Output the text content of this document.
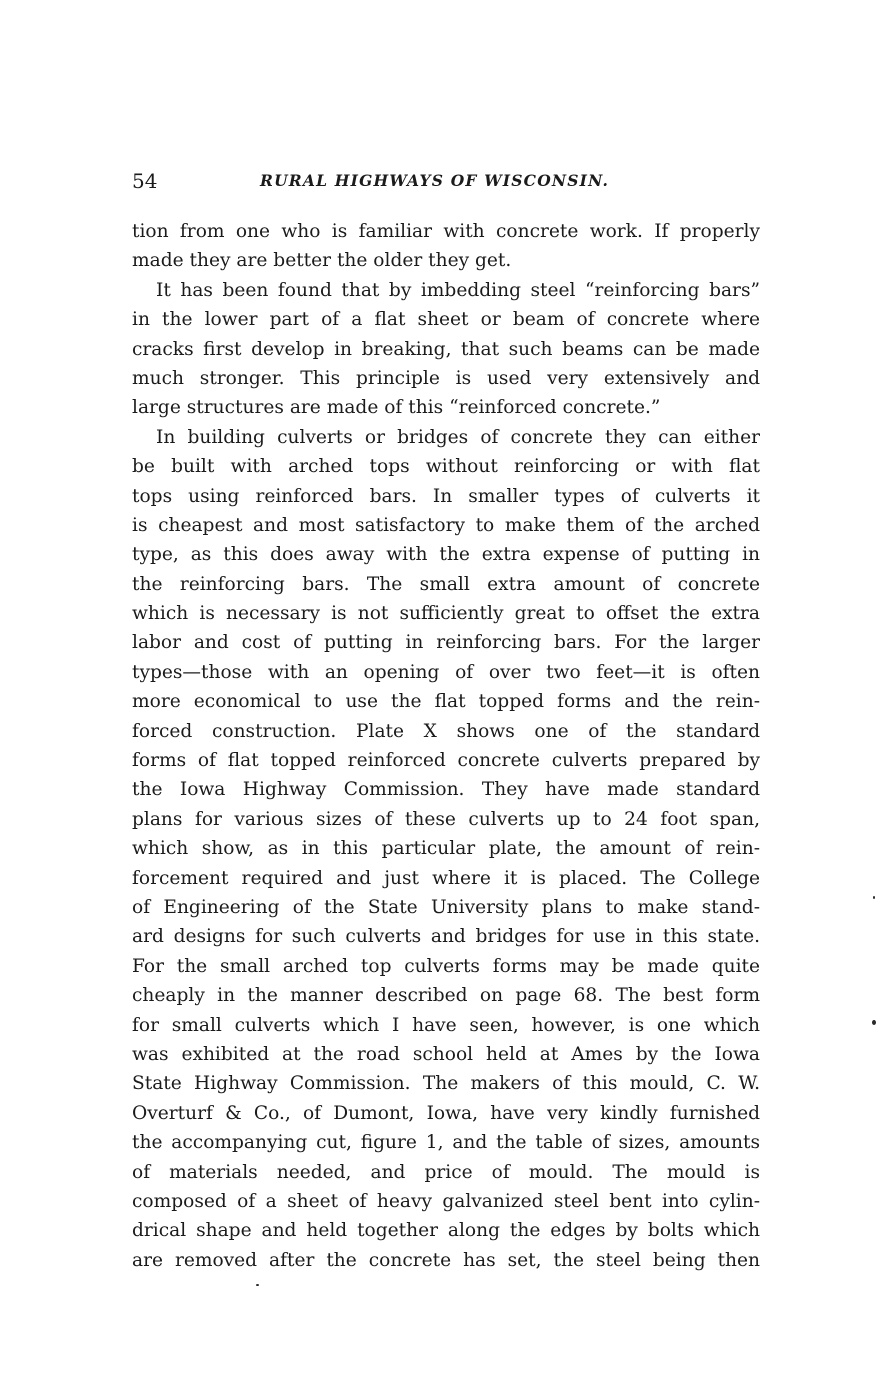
54	RURAL HIGHWAYS OF WISCONSIN.
tion from one who is familiar with concrete work. If properly
made they are better the older they get.
It has been found that by imbedding steel “reinforcing bars”
in the lower part of a flat sheet or beam of concrete where
cracks first develop in breaking, that such beams can be made
much stronger. This principle is used very extensively and
large structures are made of this “reinforced concrete.”
In building culverts or bridges of concrete they can either
be built with arched tops without reinforcing or with flat
tops using reinforced bars. In smaller types of culverts it
is cheapest and most satisfactory to make them of the arched
type, as this does away with the extra expense of putting in
the reinforcing bars. The small extra amount of concrete
which is necessary is not sufficiently great to offset the extra
labor and cost of putting in reinforcing bars. For the larger
types—those with an opening of over two feet—it is often
more economical to use the flat topped forms and the rein-
forced construction. Plate X shows one of the standard
forms of flat topped reinforced concrete culverts prepared by
the Iowa Highway Commission. They have made standard
plans for various sizes of these culverts up to 24 foot span,
which show, as in this particular plate, the amount of rein-
forcement required and just where it is placed. The College
of Engineering of the State University plans to make stand-
ard designs for such culverts and bridges for use in this state.
For the small arched top culverts forms may be made quite
cheaply in the manner described on page 68. The best form
for small culverts which I have seen, however, is one which
was exhibited at the road school held at Ames by the Iowa
State Highway Commission. The makers of this mould, C. W.
Overturf & Co., of Dumont, Iowa, have very kindly furnished
the accompanying cut, figure 1, and the table of sizes, amounts
of materials needed, and price of mould. The mould is
composed of a sheet of heavy galvanized steel bent into cylin-
drical shape and held together along the edges by bolts which
are removed after the concrete has set, the steel being then
